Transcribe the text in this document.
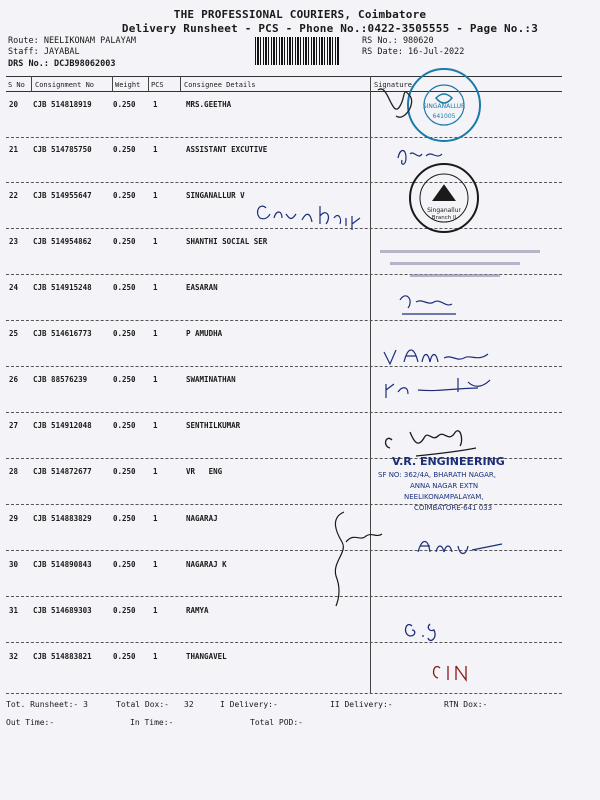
THE PROFESSIONAL COURIERS, Coimbatore
Delivery Runsheet - PCS - Phone No.:0422-3505555 - Page No.:3
Route: NEELIKONAM PALAYAM
Staff: JAYABAL
DRS No.: DCJB98062003
RS No.: 980620
RS Date: 16-Jul-2022
S No Consignment No	Weight PCS	Consignee Details	Signature
20 CJB 514818919	0.250 1	MRS.GEETHA
21 CJB 514785750	0.250 1	ASSISTANT EXCUTIVE
22 CJB 514955647	0.250 1	SINGANALLUR V
23 CJB 514954862	0.250 1	SHANTHI SOCIAL SER
24 CJB 514915248	0.250 1	EASARAN
25 CJB 514616773	0.250 1	P AMUDHA
26 CJB 88576239	0.250 1	SWAMINATHAN
27 CJB 514912048	0.250 1	SENTHILKUMAR
28 CJB 514872677	0.250 1	VR   ENG
29 CJB 514883829	0.250 1	NAGARAJ
30 CJB 514890843	0.250 1	NAGARAJ K
31 CJB 514689303	0.250 1	RAMYA
32 CJB 514883821	0.250 1	THANGAVEL
Tot. Runsheet:- 3	Total Dox:- 32	I Delivery:-	II Delivery:-	RTN Dox:-
Out Time:-	In Time:-	Total POD:-
SINGANALLUR
641005
Singanallur
Branch II
V.R. ENGINEERING
SF NO: 362/4A, BHARATH NAGAR,
ANNA NAGAR EXTN
NEELIKONAMPALAYAM,
COIMBATORE-641 033
